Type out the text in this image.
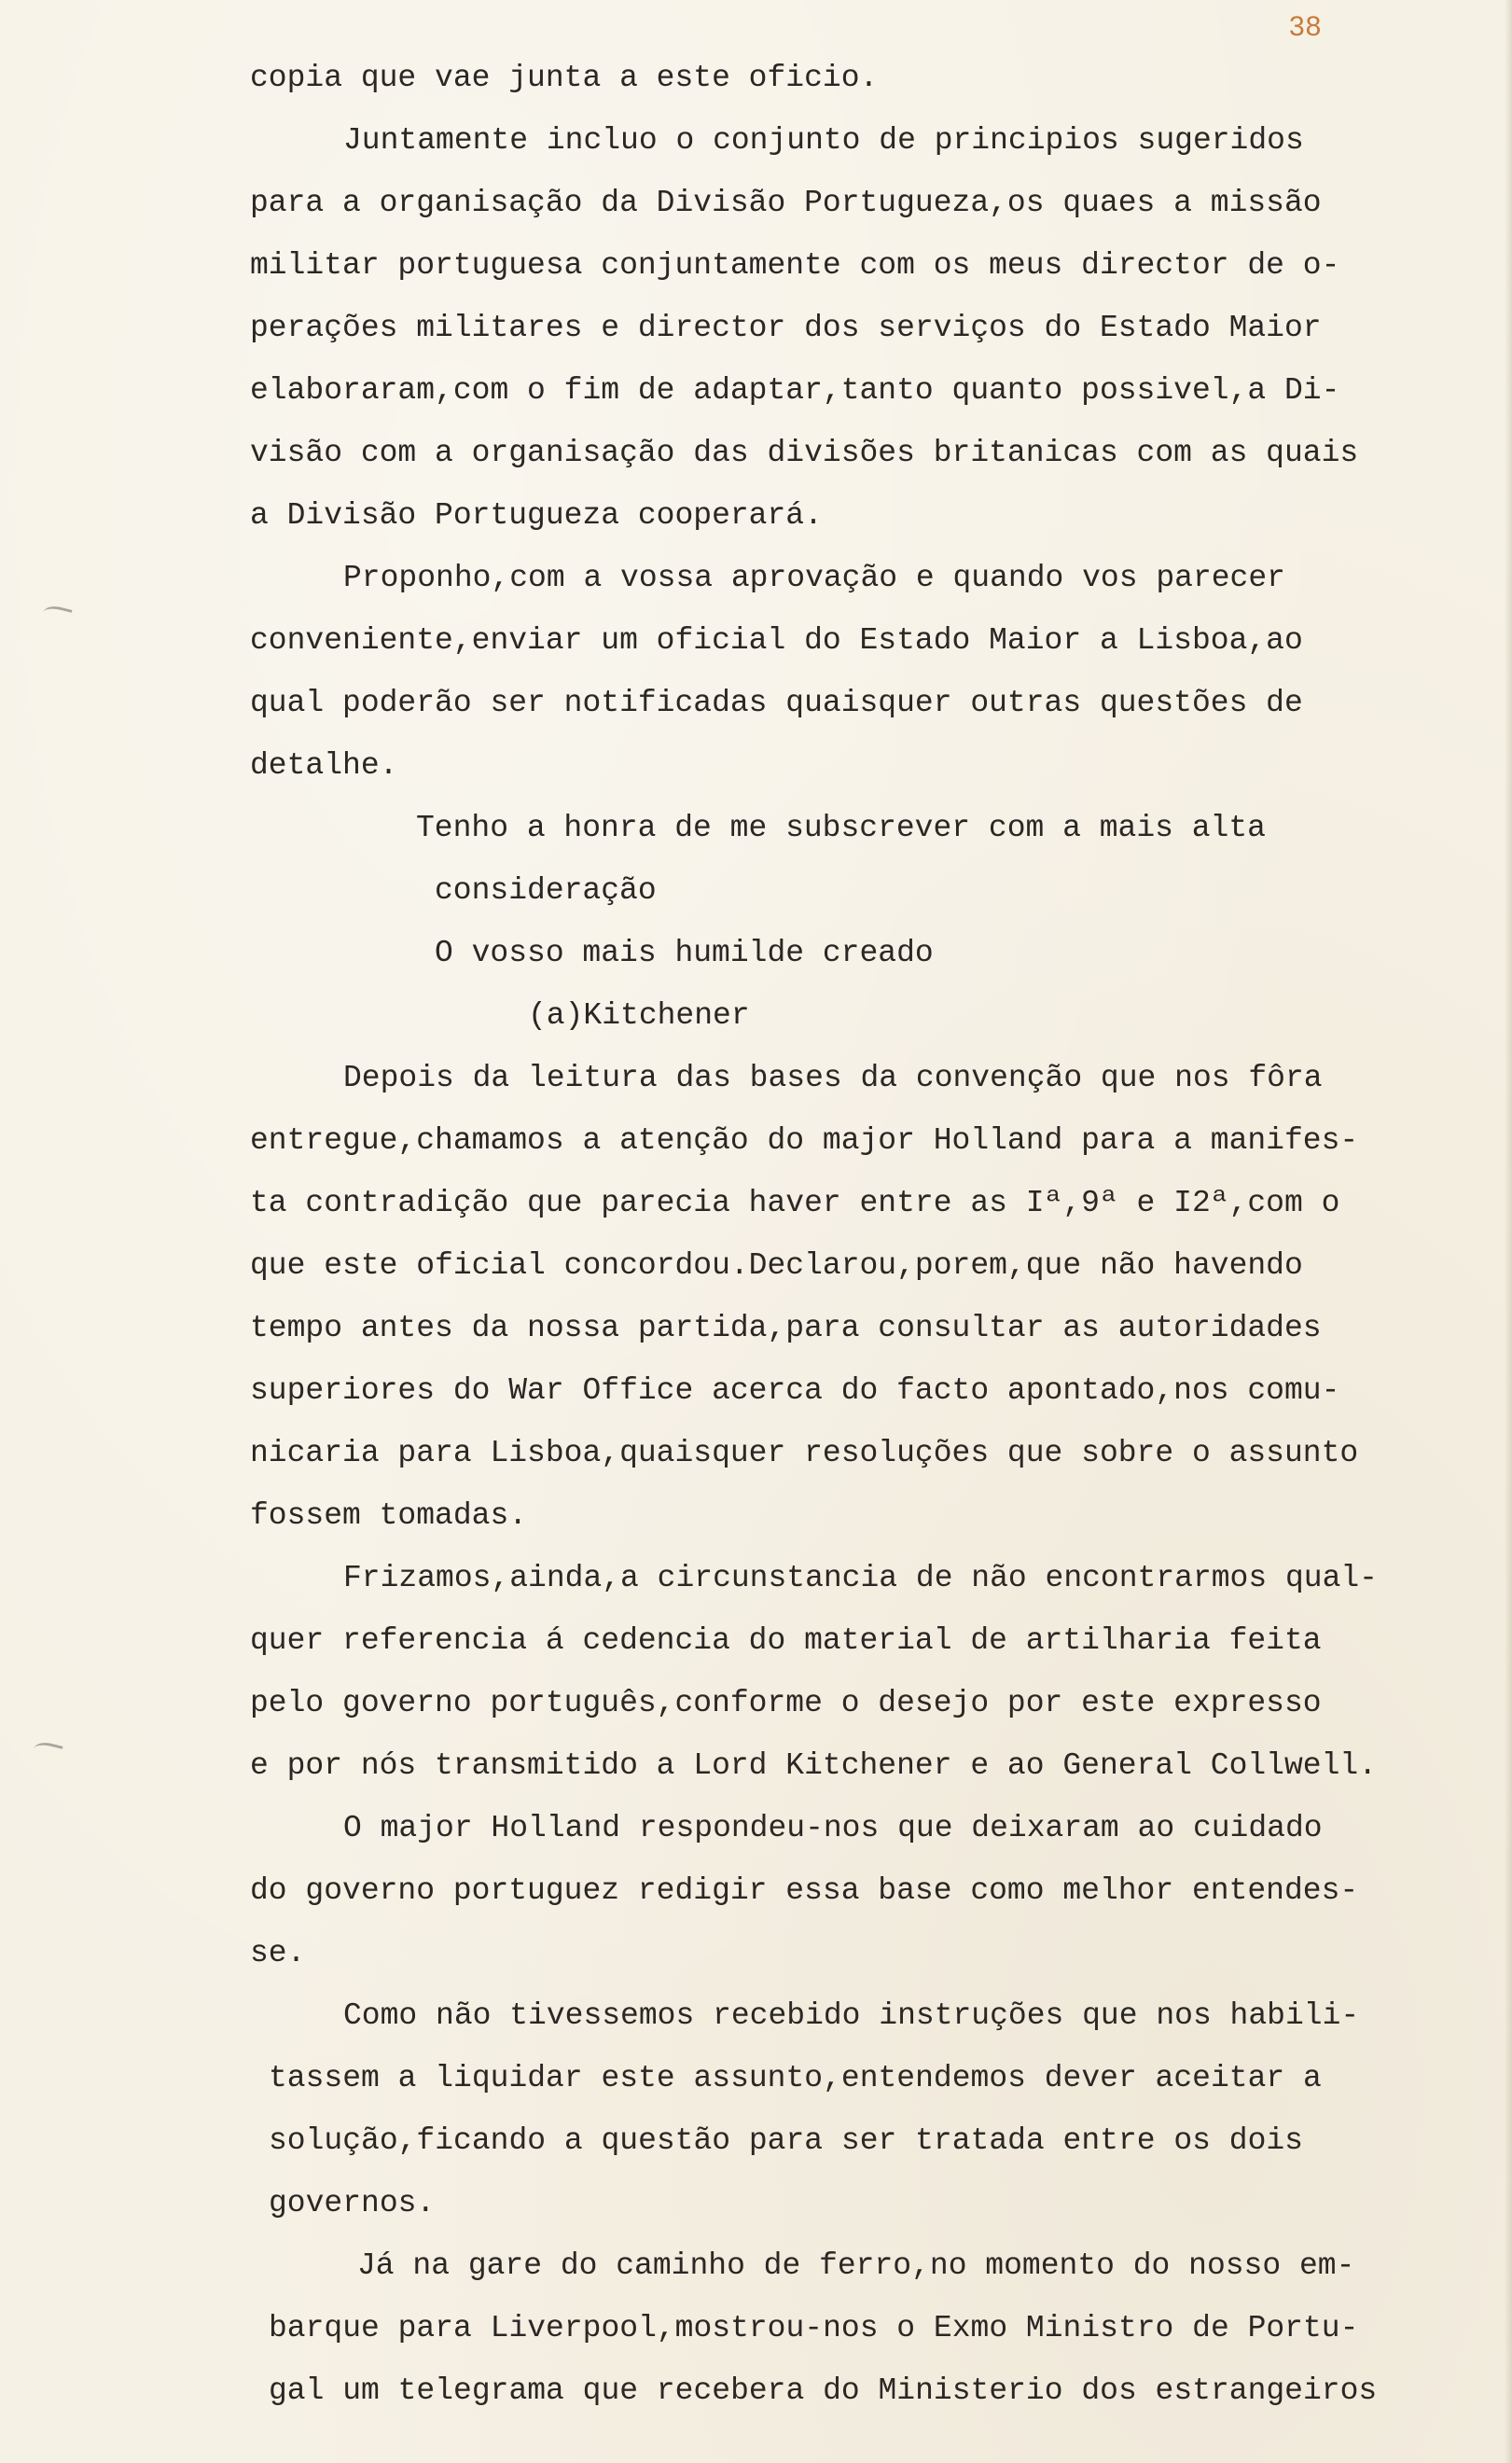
38
copia que vae junta a este oficio.
Juntamente incluo o conjunto de principios sugeridos
para a organisação da Divisão Portugueza,os quaes a missão
militar portuguesa conjuntamente com os meus director de o-
perações militares e director dos serviços do Estado Maior
elaboraram,com o fim de adaptar,tanto quanto possivel,a Di-
visão com a organisação das divisões britanicas com as quais
a Divisão Portugueza cooperará.
Proponho,com a vossa aprovação e quando vos parecer
conveniente,enviar um oficial do Estado Maior a Lisboa,ao
qual poderão ser notificadas quaisquer outras questões de
detalhe.
Tenho a honra de me subscrever com a mais alta
consideração
O vosso mais humilde creado
(a)Kitchener
Depois da leitura das bases da convenção que nos fôra
entregue,chamamos a atenção do major Holland para a manifes-
ta contradição que parecia haver entre as Iª,9ª e I2ª,com o
que este oficial concordou.Declarou,porem,que não havendo
tempo antes da nossa partida,para consultar as autoridades
superiores do War Office acerca do facto apontado,nos comu-
nicaria para Lisboa,quaisquer resoluções que sobre o assunto
fossem tomadas.
Frizamos,ainda,a circunstancia de não encontrarmos qual-
quer referencia á cedencia do material de artilharia feita
pelo governo português,conforme o desejo por este expresso
e por nós transmitido a Lord Kitchener e ao General Collwell.
O major Holland respondeu-nos que deixaram ao cuidado
do governo portuguez redigir essa base como melhor entendes-
se.
Como não tivessemos recebido instruções que nos habili-
tassem a liquidar este assunto,entendemos dever aceitar a
solução,ficando a questão para ser tratada entre os dois
governos.
Já na gare do caminho de ferro,no momento do nosso em-
barque para Liverpool,mostrou-nos o Exmo Ministro de Portu-
gal um telegrama que recebera do Ministerio dos estrangeiros
